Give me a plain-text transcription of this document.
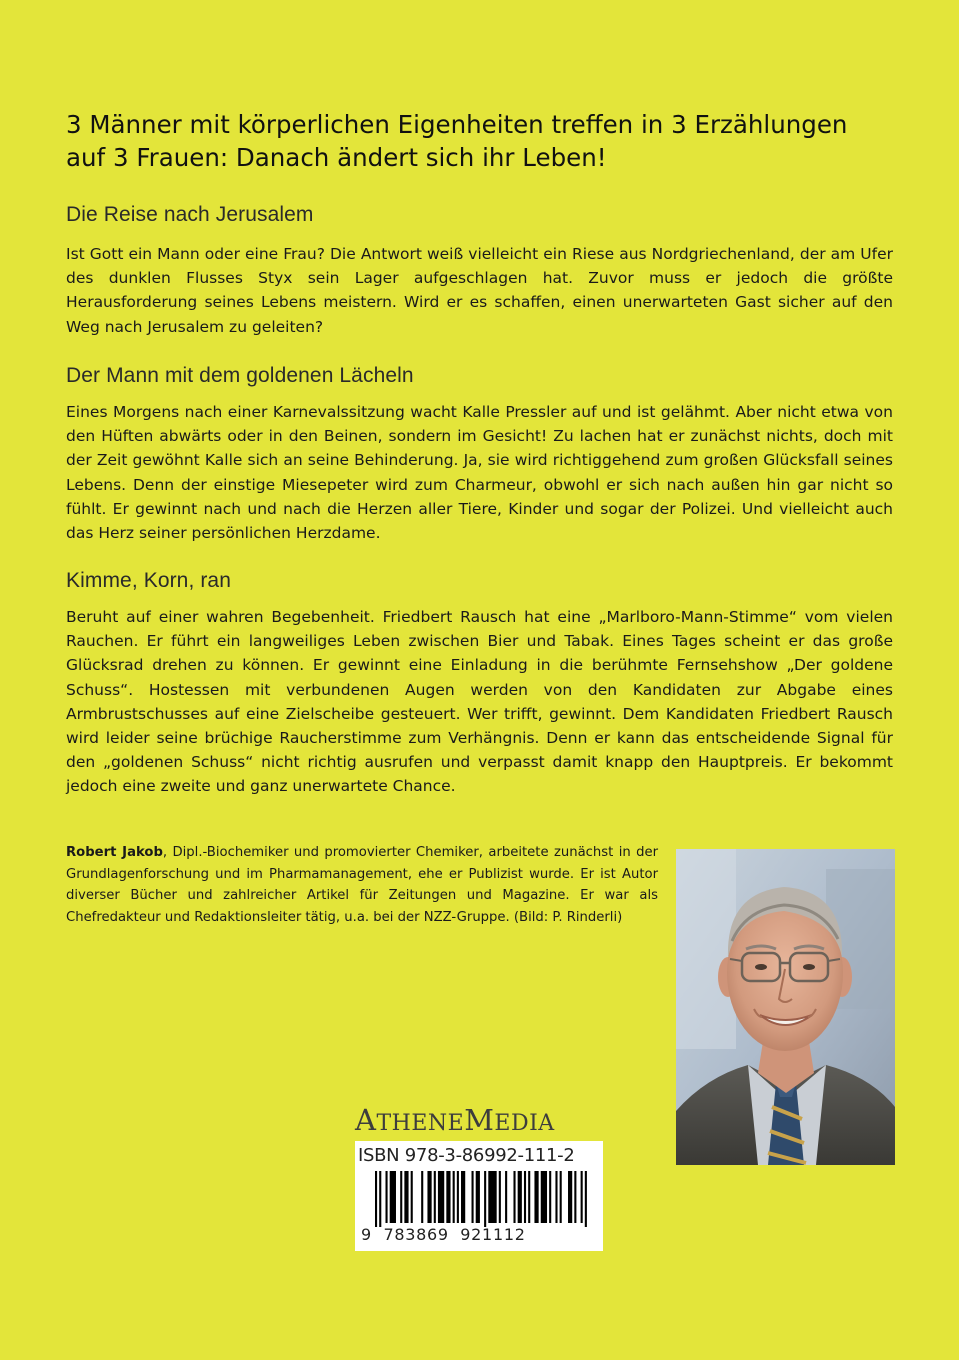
3 Männer mit körperlichen Eigenheiten treffen in 3 Erzählungen
auf 3 Frauen: Danach ändert sich ihr Leben!
Die Reise nach Jerusalem
Ist Gott ein Mann oder eine Frau? Die Antwort weiß vielleicht ein Riese aus Nordgriechenland, der am Ufer des dunklen Flusses Styx sein Lager aufgeschlagen hat. Zuvor muss er jedoch die größte Herausforderung seines Lebens meistern. Wird er es schaffen, einen unerwarteten Gast sicher auf den Weg nach Jerusalem zu geleiten?
Der Mann mit dem goldenen Lächeln
Eines Morgens nach einer Karnevalssitzung wacht Kalle Pressler auf und ist gelähmt. Aber nicht etwa von den Hüften abwärts oder in den Beinen, sondern im Gesicht! Zu lachen hat er zunächst nichts, doch mit der Zeit gewöhnt Kalle sich an seine Behinderung. Ja, sie wird richtiggehend zum großen Glücksfall seines Lebens. Denn der einstige Miesepeter wird zum Charmeur, obwohl er sich nach außen hin gar nicht so fühlt. Er gewinnt nach und nach die Herzen aller Tiere, Kinder und sogar der Polizei. Und vielleicht auch das Herz seiner persönlichen Herzdame.
Kimme, Korn, ran
Beruht auf einer wahren Begebenheit. Friedbert Rausch hat eine „Marlboro-Mann-Stimme“ vom vielen Rauchen. Er führt ein langweiliges Leben zwischen Bier und Tabak. Eines Tages scheint er das große Glücksrad drehen zu können. Er gewinnt eine Einladung in die berühmte Fernsehshow „Der goldene Schuss“. Hostessen mit verbundenen Augen werden von den Kandidaten zur Abgabe eines Armbrustschusses auf eine Zielscheibe gesteuert. Wer trifft, gewinnt. Dem Kandidaten Friedbert Rausch wird leider seine brüchige Raucherstimme zum Verhängnis. Denn er kann das entscheidende Signal für den „goldenen Schuss“ nicht richtig ausrufen und verpasst damit knapp den Hauptpreis. Er bekommt jedoch eine zweite und ganz unerwartete Chance.
Robert Jakob, Dipl.-Biochemiker und promovierter Chemiker, arbeitete zunächst in der Grundlagenforschung und im Pharmamanagement, ehe er Publizist wurde. Er ist Autor diverser Bücher und zahlreicher Artikel für Zeitungen und Magazine. Er war als Chefredakteur und Redaktionsleiter tätig, u.a. bei der NZZ-Gruppe. (Bild: P. Rinderli)
ATHENEMEDIA
ISBN 978-3-86992-111-2
9  783869  921112
